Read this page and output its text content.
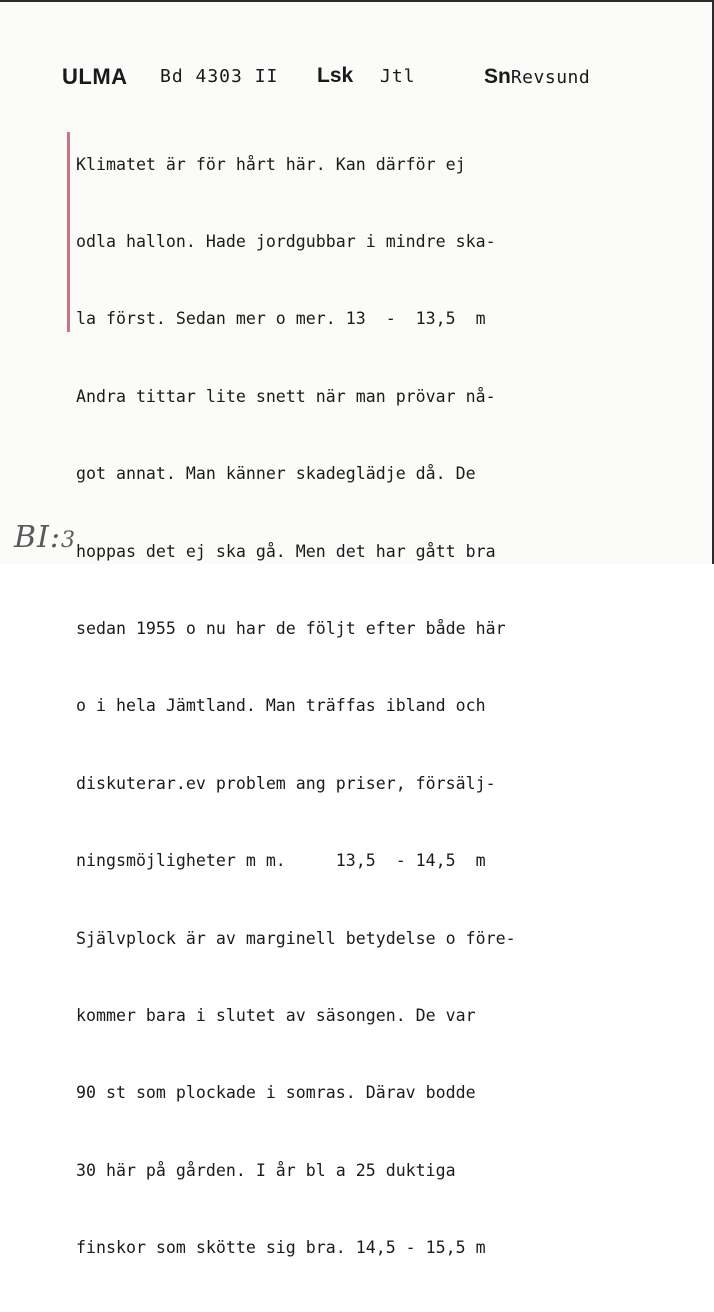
ULMA Bd 4303 II Lsk Jtl	SnRevsund

Klimatet är för hårt här. Kan därför ej

odla hallon. Hade jordgubbar i mindre ska-

la först. Sedan mer o mer. 13  -  13,5  m

Andra tittar lite snett när man prövar nå-

got annat. Man känner skadeglädje då. De

hoppas det ej ska gå. Men det har gått bra

sedan 1955 o nu har de följt efter både här

o i hela Jämtland. Man träffas ibland och

diskuterar.ev problem ang priser, försälj-

ningsmöjligheter m m.     13,5  - 14,5  m

Självplock är av marginell betydelse o före-

kommer bara i slutet av säsongen. De var

90 st som plockade i somras. Därav bodde

30 här på gården. I år bl a 25 duktiga

finskor som skötte sig bra. 14,5 - 15,5 m

BI:3
